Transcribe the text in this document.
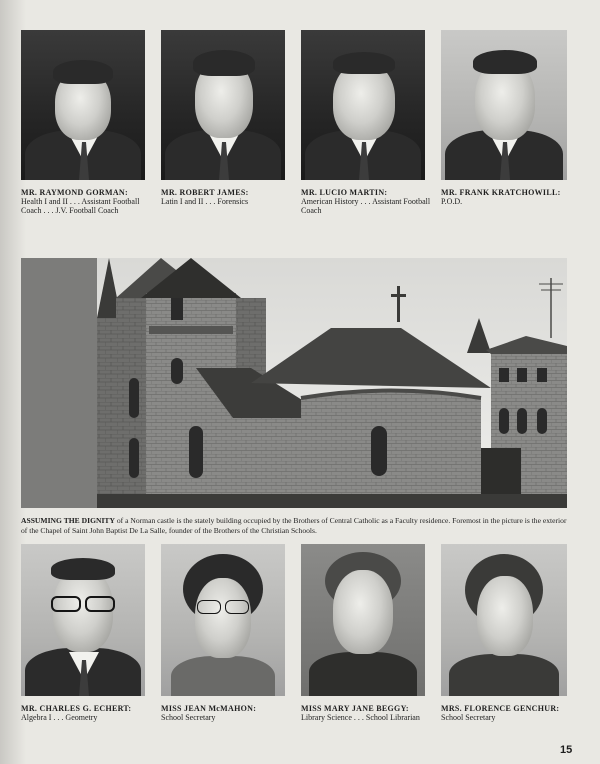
MR. RAYMOND GORMAN:
Health I and II . . . Assistant Football Coach . . . J.V. Football Coach
MR. ROBERT JAMES:
Latin I and II . . . Forensics
MR. LUCIO MARTIN:
American History . . . Assistant Football Coach
MR. FRANK KRATCHOWILL:
P.O.D.
ASSUMING THE DIGNITY of a Norman castle is the stately building occupied by the Brothers of Central Catholic as a Faculty residence. Foremost in the picture is the exterior of the Chapel of Saint John Baptist De La Salle, founder of the Brothers of the Christian Schools.
MR. CHARLES G. ECHERT:
Algebra I . . . Geometry
MISS JEAN McMAHON:
School Secretary
MISS MARY JANE BEGGY:
Library Science . . . School Librarian
MRS. FLORENCE GENCHUR:
School Secretary
15
